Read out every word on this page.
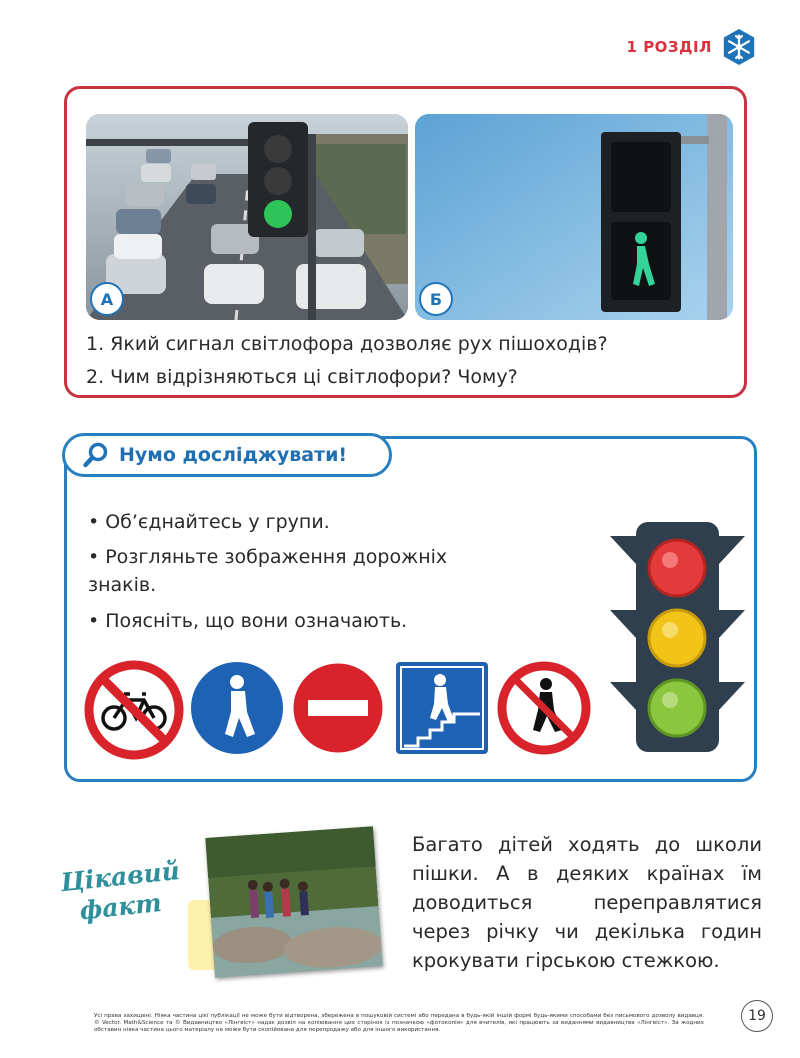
1 РОЗДІЛ
А	Б
1. Який сигнал світлофора дозволяє рух пішоходів?
2. Чим відрізняються ці світлофори? Чому?
Нумо досліджувати!
• Об’єднайтесь у групи.
• Розгляньте зображення дорожніх знаків.
• Поясніть, що вони означають.
Цікавий
факт
Багато дітей ходять до школи пішки. А в деяких країнах їм доводиться переправлятися через річку чи декілька годин крокувати гірською стежкою.
Усі права захищені. Ніяка частина цієї публікації не може бути відтворена, збережена в пошуковій системі або передана в будь-якій іншій формі будь-якими способами без письмового дозволу видавця. © Vector. Math&Science та © Видавництво «Лінгвіст» надає дозвіл на копіювання цих сторінок із позначкою «фотокопія» для вчителів, які працюють за виданнями видавництва «Лінгвіст». За жодних обставин ніяка частина цього матеріалу не може бути скопійована для перепродажу або для іншого використання.
19
